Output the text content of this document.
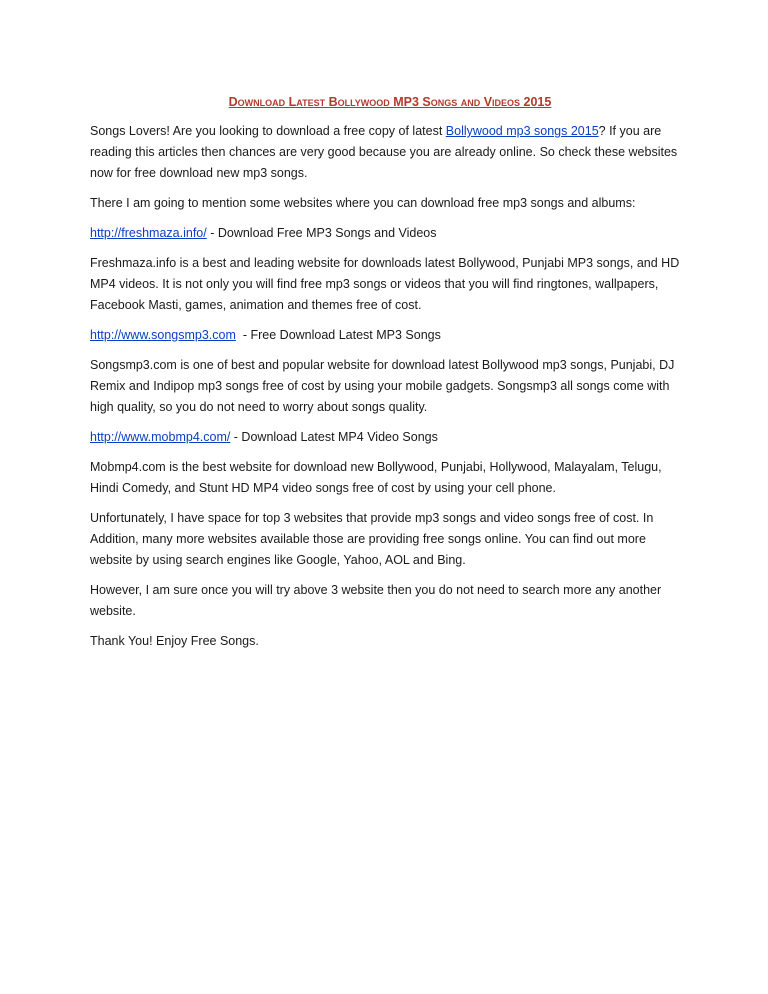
Download Latest Bollywood MP3 Songs and Videos 2015

Songs Lovers! Are you looking to download a free copy of latest Bollywood mp3 songs 2015? If you are reading this articles then chances are very good because you are already online. So check these websites now for free download new mp3 songs.

There I am going to mention some websites where you can download free mp3 songs and albums:

http://freshmaza.info/ - Download Free MP3 Songs and Videos

Freshmaza.info is a best and leading website for downloads latest Bollywood, Punjabi MP3 songs, and HD MP4 videos. It is not only you will find free mp3 songs or videos that you will find ringtones, wallpapers, Facebook Masti, games, animation and themes free of cost.

http://www.songsmp3.com  - Free Download Latest MP3 Songs

Songsmp3.com is one of best and popular website for download latest Bollywood mp3 songs, Punjabi, DJ Remix and Indipop mp3 songs free of cost by using your mobile gadgets. Songsmp3 all songs come with high quality, so you do not need to worry about songs quality.

http://www.mobmp4.com/ - Download Latest MP4 Video Songs

Mobmp4.com is the best website for download new Bollywood, Punjabi, Hollywood, Malayalam, Telugu, Hindi Comedy, and Stunt HD MP4 video songs free of cost by using your cell phone.

Unfortunately, I have space for top 3 websites that provide mp3 songs and video songs free of cost. In Addition, many more websites available those are providing free songs online. You can find out more website by using search engines like Google, Yahoo, AOL and Bing.

However, I am sure once you will try above 3 website then you do not need to search more any another website.

Thank You! Enjoy Free Songs.
